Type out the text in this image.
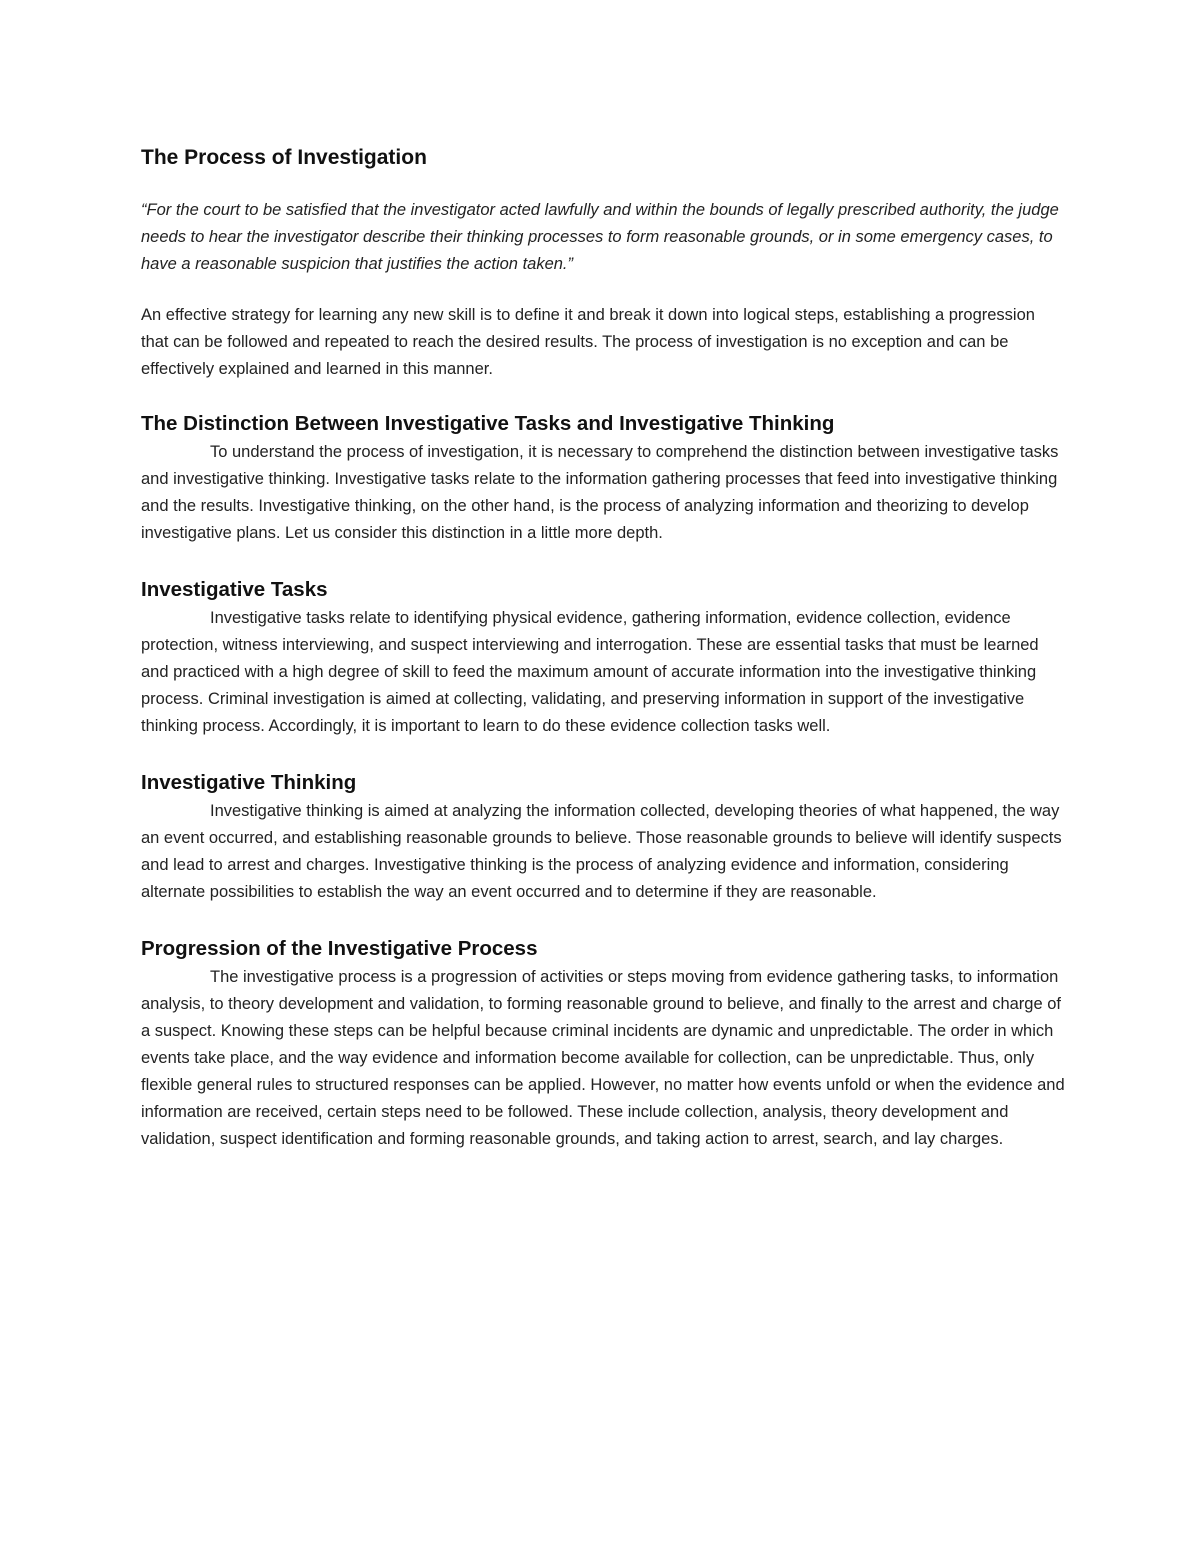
The Process of Investigation

“For the court to be satisfied that the investigator acted lawfully and within the bounds of legally prescribed authority, the judge needs to hear the investigator describe their thinking processes to form reasonable grounds, or in some emergency cases, to have a reasonable suspicion that justifies the action taken.”

An effective strategy for learning any new skill is to define it and break it down into logical steps, establishing a progression that can be followed and repeated to reach the desired results. The process of investigation is no exception and can be effectively explained and learned in this manner.

The Distinction Between Investigative Tasks and Investigative Thinking

To understand the process of investigation, it is necessary to comprehend the distinction between investigative tasks and investigative thinking. Investigative tasks relate to the information gathering processes that feed into investigative thinking and the results. Investigative thinking, on the other hand, is the process of analyzing information and theorizing to develop investigative plans. Let us consider this distinction in a little more depth.

Investigative Tasks

Investigative tasks relate to identifying physical evidence, gathering information, evidence collection, evidence protection, witness interviewing, and suspect interviewing and interrogation. These are essential tasks that must be learned and practiced with a high degree of skill to feed the maximum amount of accurate information into the investigative thinking process. Criminal investigation is aimed at collecting, validating, and preserving information in support of the investigative thinking process. Accordingly, it is important to learn to do these evidence collection tasks well.

Investigative Thinking

Investigative thinking is aimed at analyzing the information collected, developing theories of what happened, the way an event occurred, and establishing reasonable grounds to believe. Those reasonable grounds to believe will identify suspects and lead to arrest and charges. Investigative thinking is the process of analyzing evidence and information, considering alternate possibilities to establish the way an event occurred and to determine if they are reasonable.

Progression of the Investigative Process

The investigative process is a progression of activities or steps moving from evidence gathering tasks, to information analysis, to theory development and validation, to forming reasonable ground to believe, and finally to the arrest and charge of a suspect. Knowing these steps can be helpful because criminal incidents are dynamic and unpredictable. The order in which events take place, and the way evidence and information become available for collection, can be unpredictable. Thus, only flexible general rules to structured responses can be applied. However, no matter how events unfold or when the evidence and information are received, certain steps need to be followed. These include collection, analysis, theory development and validation, suspect identification and forming reasonable grounds, and taking action to arrest, search, and lay charges.
